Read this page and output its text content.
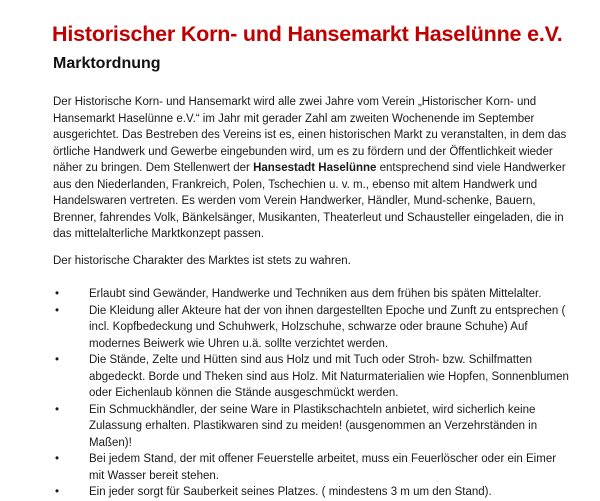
Historischer Korn- und Hansemarkt Haselünne e.V.
Marktordnung

Der Historische Korn- und Hansemarkt wird alle zwei Jahre vom Verein „Historischer Korn- und Hansemarkt Haselünne e.V.“ im Jahr mit gerader Zahl am zweiten Wochenende im September ausgerichtet. Das Bestreben des Vereins ist es, einen historischen Markt zu veranstalten, in dem das örtliche Handwerk und Gewerbe eingebunden wird, um es zu fördern und der Öffentlichkeit wieder näher zu bringen. Dem Stellenwert der Hansestadt Haselünne entsprechend sind viele Handwerker aus den Niederlanden, Frankreich, Polen, Tschechien u. v. m., ebenso mit altem Handwerk und Handelswaren vertreten. Es werden vom Verein Handwerker, Händler, Mund-schenke, Bauern, Brenner, fahrendes Volk, Bänkelsänger, Musikanten, Theaterleut und Schausteller eingeladen, die in das mittelalterliche Marktkonzept passen.

Der historische Charakter des Marktes ist stets zu wahren.

•	Erlaubt sind Gewänder, Handwerke und Techniken aus dem frühen bis späten Mittelalter.
•	Die Kleidung aller Akteure hat der von ihnen dargestellten Epoche und Zunft zu entsprechen ( incl. Kopfbedeckung und Schuhwerk, Holzschuhe, schwarze oder braune Schuhe) Auf modernes Beiwerk wie Uhren u.ä. sollte verzichtet werden.
•	Die Stände, Zelte und Hütten sind aus Holz und mit Tuch oder Stroh- bzw. Schilfmatten abgedeckt. Borde und Theken sind aus Holz. Mit Naturmaterialien wie Hopfen, Sonnenblumen oder Eichenlaub können die Stände ausgeschmückt werden.
•	Ein Schmuckhändler, der seine Ware in Plastikschachteln anbietet, wird sicherlich keine Zulassung erhalten. Plastikwaren sind zu meiden! (ausgenommen an Verzehrständen in Maßen)!
•	Bei jedem Stand, der mit offener Feuerstelle arbeitet, muss ein Feuerlöscher oder ein Eimer mit Wasser bereit stehen.
•	Ein jeder sorgt für Sauberkeit seines Platzes. ( mindestens 3 m um den Stand).
